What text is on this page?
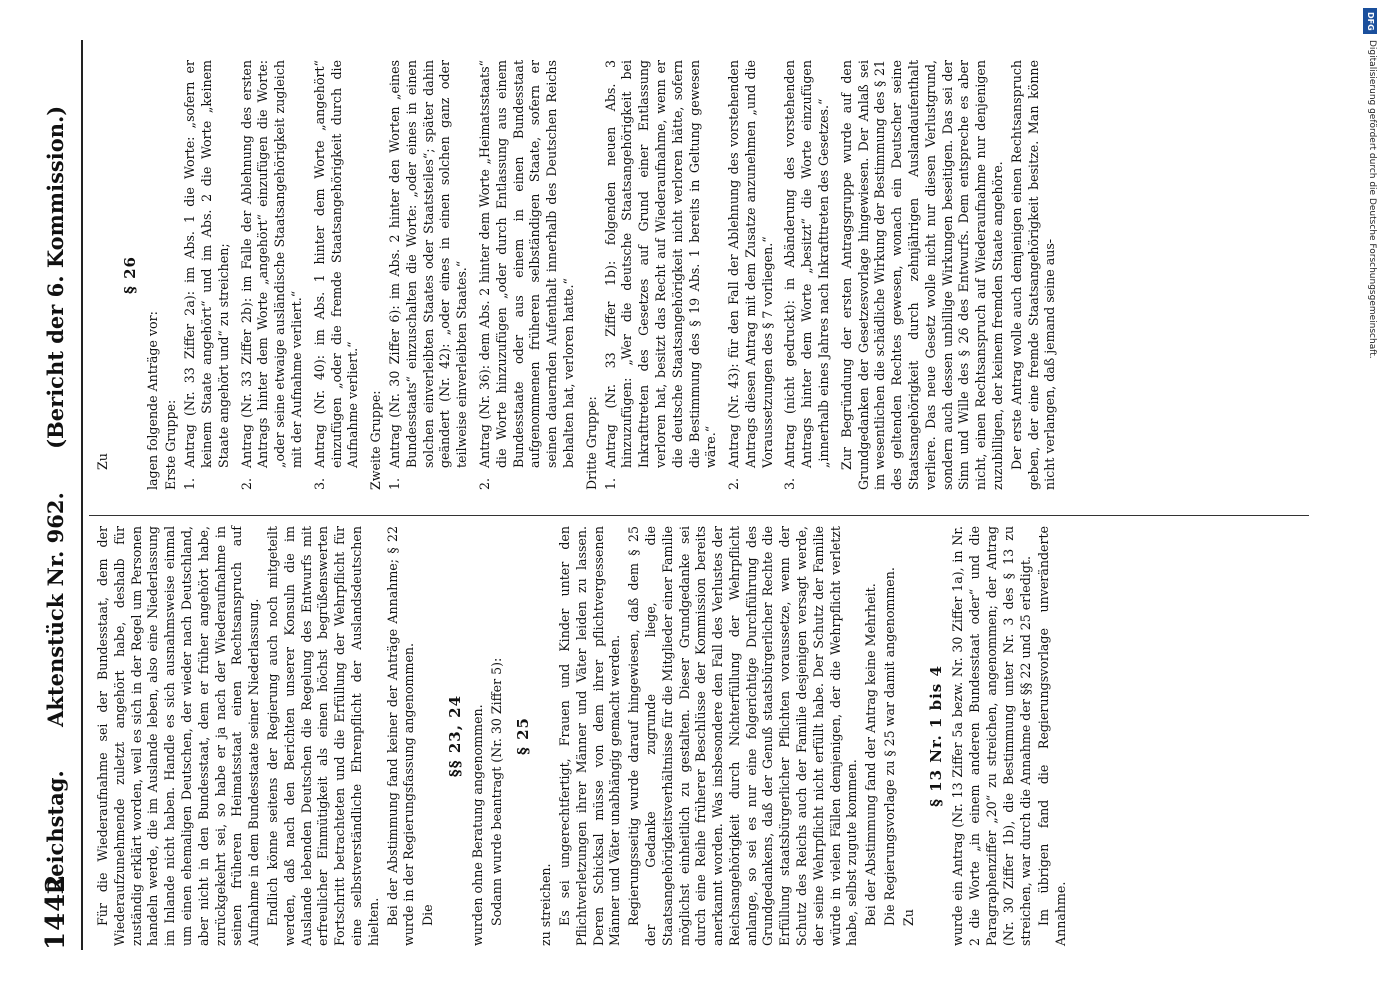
1442
Reichstag. Aktenstück Nr. 962. (Bericht der 6. Kommission.)

Für die Wiederaufnahme sei der Bundesstaat, dem der Wiederaufzunehmende zuletzt angehört habe, deshalb für zuständig erklärt worden, weil es sich in der Regel um Personen handeln werde, die im Auslande leben, also eine Niederlassung im Inlande nicht haben. Handle es sich ausnahmsweise einmal um einen ehemaligen Deutschen, der wieder nach Deutschland, aber nicht in den Bundesstaat, dem er früher angehört habe, zurückgekehrt sei, so habe er ja nach der Wiederaufnahme in seinen früheren Heimatsstaat einen Rechtsanspruch auf Aufnahme in dem Bundesstaate seiner Niederlassung. Endlich könne seitens der Regierung auch noch mitgeteilt werden, daß nach den Berichten unserer Konsuln die im Auslande lebenden Deutschen die Regelung des Entwurfs mit erfreulicher Einmütigkeit als einen höchst begrüßenswerten Fortschritt betrachteten und die Erfüllung der Wehrpflicht für eine selbstverständliche Ehrenpflicht der Auslandsdeutschen hielten. Bei der Abstimmung fand keiner der Anträge Annahme; § 22 wurde in der Regierungsfassung angenommen. Die

§§ 23, 24 wurden ohne Beratung angenommen. Sodann wurde beantragt (Nr. 30 Ziffer 5): § 25

zu streichen. Es sei ungerechtfertigt, Frauen und Kinder unter den Pflichtverletzungen ihrer Männer und Väter leiden zu lassen. Deren Schicksal müsse von dem ihrer pflichtvergessenen Männer und Väter unabhängig gemacht werden. Regierungsseitig wurde darauf hingewiesen, daß dem § 25 der Gedanke zugrunde liege, die Staatsangehörigkeitsverhältnisse für die Mitglieder einer Familie möglichst einheitlich zu gestalten. Dieser Grundgedanke sei durch eine Reihe früherer Beschlüsse der Kommission bereits anerkannt worden. Was insbesondere den Fall des Verlustes der Reichsangehörigkeit durch Nichterfüllung der Wehrpflicht anlange, so sei es nur eine folgerichtige Durchführung des Grundgedankens, daß der Genuß staatsbürgerlicher Rechte die Erfüllung staatsbürgerlicher Pflichten voraussetze, wenn der Schutz des Reichs auch der Familie desjenigen versagt werde, der seine Wehrpflicht nicht erfüllt habe. Der Schutz der Familie würde in vielen Fällen demjenigen, der die Wehrpflicht verletzt habe, selbst zugute kommen. Bei der Abstimmung fand der Antrag keine Mehrheit. Die Regierungsvorlage zu § 25 war damit angenommen. Zu

§ 13 Nr. 1 bis 4 wurde ein Antrag (Nr. 13 Ziffer 5a bezw. Nr. 30 Ziffer 1a), in Nr. 2 die Worte „in einem anderen Bundesstaat oder“ und die Paragraphenziffer „20“ zu streichen, angenommen; der Antrag (Nr. 30 Ziffer 1b), die Bestimmung unter Nr. 3 des § 13 zu streichen, war durch die Annahme der §§ 22 und 25 erledigt. Im übrigen fand die Regierungsvorlage unveränderte Annahme.

Zu

§ 26

lagen folgende Anträge vor: Erste Gruppe: 1.
Antrag (Nr. 33 Ziffer 2a): im Abs. 1 die Worte: „sofern er keinem Staate angehört“ und im Abs. 2 die Worte „keinem Staate angehört und“ zu streichen;
2.
Antrag (Nr. 33 Ziffer 2b): im Falle der Ablehnung des ersten Antrags hinter dem Worte „angehört“ einzufügen die Worte: „oder seine etwaige ausländische Staatsangehörigkeit zugleich mit der Aufnahme verliert.“
3.
Antrag (Nr. 40): im Abs. 1 hinter dem Worte „angehört“ einzufügen „oder die fremde Staatsangehörigkeit durch die Aufnahme verliert.“ Zweite Gruppe: 1.
Antrag (Nr. 30 Ziffer 6): im Abs. 2 hinter den Worten „eines Bundesstaats“ einzuschalten die Worte: „oder eines in einen solchen einverleibten Staates oder Staatsteiles“; später dahin geändert (Nr. 42): „oder eines in einen solchen ganz oder teilweise einverleibten Staates.“
2.
Antrag (Nr. 36): dem Abs. 2 hinter dem Worte „Heimatsstaats“ die Worte hinzuzufügen „oder durch Entlassung aus einem Bundesstaate oder aus einem in einen Bundesstaat aufgenommenen früheren selbständigen Staate, sofern er seinen dauernden Aufenthalt innerhalb des Deutschen Reichs behalten hat, verloren hatte.“ Dritte Gruppe: 1.
Antrag (Nr. 33 Ziffer 1b): folgenden neuen Abs. 3 hinzuzufügen: „Wer die deutsche Staatsangehörigkeit bei Inkrafttreten des Gesetzes auf Grund einer Entlassung verloren hat, besitzt das Recht auf Wiederaufnahme, wenn er die deutsche Staatsangehörigkeit nicht verloren hätte, sofern die Bestimmung des § 19 Abs. 1 bereits in Geltung gewesen wäre.“
2.
Antrag (Nr. 43): für den Fall der Ablehnung des vorstehenden Antrags diesen Antrag mit dem Zusatze anzunehmen „und die Voraussetzungen des § 7 vorliegen.“
3.
Antrag (nicht gedruckt): in Abänderung des vorstehenden Antrags hinter dem Worte „besitzt“ die Worte einzufügen „innerhalb eines Jahres nach Inkrafttreten des Gesetzes.“ Zur Begründung der ersten Antragsgruppe wurde auf den Grundgedanken der Gesetzesvorlage hingewiesen. Der Anlaß sei im wesentlichen die schädliche Wirkung der Bestimmung des § 21 des geltenden Rechtes gewesen, wonach ein Deutscher seine Staatsangehörigkeit durch zehnjährigen Auslandaufenthalt verliere. Das neue Gesetz wolle nicht nur diesen Verlustgrund, sondern auch dessen unbillige Wirkungen beseitigen. Das sei der Sinn und Wille des § 26 des Entwurfs. Dem entspreche es aber nicht, einen Rechtsanspruch auf Wiederaufnahme nur denjenigen zuzubilligen, der keinem fremden Staate angehöre. Der erste Antrag wolle auch demjenigen einen Rechtsanspruch geben, der eine fremde Staatsangehörigkeit besitze. Man könne nicht verlangen, daß jemand seine aus-

DFG
Digitalisierung gefördert durch die Deutsche Forschungsgemeinschaft.
